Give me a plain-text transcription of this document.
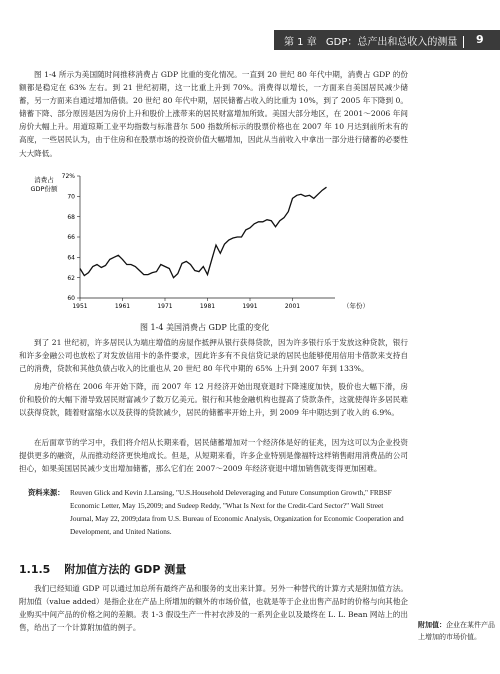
第 1 章 GDP：总产出和总收入的测量	9
图 1-4 所示为美国随时间推移消费占 GDP 比重的变化情况。一直到 20 世纪 80 年代中期，消费占 GDP 的份额都是稳定在 63% 左右。到 21 世纪初期，这一比重上升到 70%。消费得以增长，一方面来自美国居民减少储蓄，另一方面来自通过增加借债。20 世纪 80 年代中期，居民储蓄占收入的比重为 10%，到了 2005 年下降到 0。储蓄下降、部分原因是因为房价上升和股价上涨带来的居民财富增加所致。美国大部分地区，在 2001～2006 年间房价大幅上升。用道琼斯工业平均指数与标准普尔 500 指数所标示的股票价格也在 2007 年 10 月达到前所未有的高度，一些居民认为，由于住房和在股票市场的投资价值大幅增加，因此从当前收入中拿出一部分进行储蓄的必要性大大降低。
消费占
GDP份额
60
62
64
66
68
70
72%
1951	1961	1971	1981	1991	2001	（年份）
图 1-4 美国消费占 GDP 比重的变化
到了 21 世纪初，许多居民认为端庄增值的房屋作抵押从银行获得贷款，因为许多银行乐于发放这种贷款，银行和许多金融公司也放松了对发放信用卡的条件要求，因此许多有不良信贷记录的居民也能够使用信用卡借款来支持自己的消费，贷款和其他负债占收入的比重也从 20 世纪 80 年代中期的 65% 上升到 2007 年到 133%。
房地产价格在 2006 年开始下降，而 2007 年 12 月经济开始出现衰退时下降速度加快，股价也大幅下滑，房价和股价的大幅下滑导致居民财富减少了数万亿美元。银行和其他金融机构也提高了贷款条件，这就使得许多居民难以获得贷款，随着财富缩水以及获得的贷款减少，居民的储蓄率开始上升，到 2009 年中期达到了收入的 6.9%。
在后面章节的学习中，我们将介绍从长期来看，居民储蓄增加对一个经济体是好的征兆，因为这可以为企业投资提供更多的融资，从而推动经济更快地成长。但是，从短期来看，许多企业特别是像福特这样销售耐用消费品的公司担心，如果美国居民减少支出增加储蓄，那么它们在 2007～2009 年经济衰退中增加销售就变得更加困难。
资料来源： Reuven Glick and Kevin J.Lansing, "U.S.Household Deleveraging and Future Consumption Growth," FRBSF Economic Letter, May 15,2009; and Sudeep Reddy, "What Is Next for the Credit-Card Sector?" Wall Street Journal, May 22, 2009;data from U.S. Bureau of Economic Analysis, Organization for Economic Cooperation and Development, and United Nations.
1.1.5 附加值方法的 GDP 测量
我们已经知道 GDP 可以通过加总所有最终产品和服务的支出来计算。另外一种替代的计算方式是附加值方法。附加值（value added）是指企业在产品上所增加的额外的市场价值，也就是等于企业出售产品时的价格与向其他企业购买中间产品的价格之间的差额。表 1-3 假设生产一件衬衣涉及的一系列企业以及最终在 L. L. Bean 网站上的出售，给出了一个计算附加值的例子。	附加值：企业在某件产品上增加的市场价值。
